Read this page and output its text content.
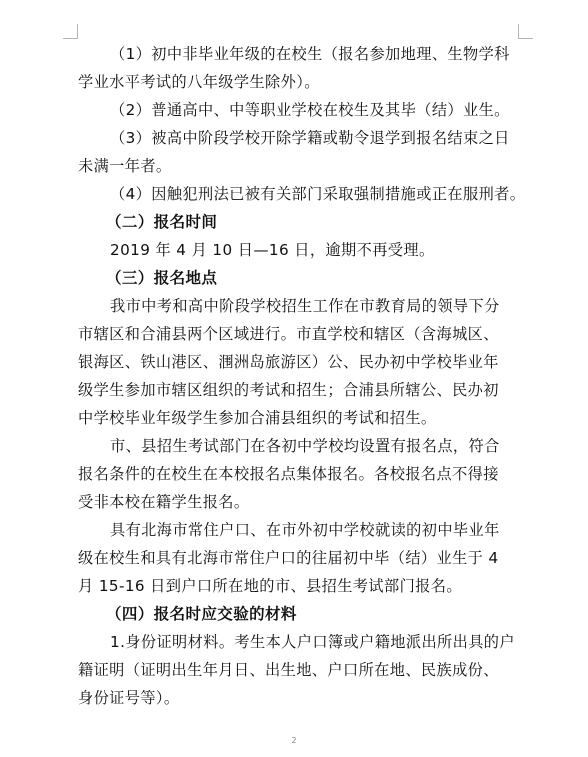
（1）初中非毕业年级的在校生（报名参加地理、生物学科
学业水平考试的八年级学生除外）。
（2）普通高中、中等职业学校在校生及其毕（结）业生。
（3）被高中阶段学校开除学籍或勒令退学到报名结束之日
未满一年者。
（4）因触犯刑法已被有关部门采取强制措施或正在服刑者。
（二）报名时间
2019 年 4 月 10 日—16 日，逾期不再受理。
（三）报名地点
我市中考和高中阶段学校招生工作在市教育局的领导下分
市辖区和合浦县两个区域进行。市直学校和辖区（含海城区、
银海区、铁山港区、涠洲岛旅游区）公、民办初中学校毕业年
级学生参加市辖区组织的考试和招生；合浦县所辖公、民办初
中学校毕业年级学生参加合浦县组织的考试和招生。
市、县招生考试部门在各初中学校均设置有报名点，符合
报名条件的在校生在本校报名点集体报名。各校报名点不得接
受非本校在籍学生报名。
具有北海市常住户口、在市外初中学校就读的初中毕业年
级在校生和具有北海市常住户口的往届初中毕（结）业生于 4
月 15-16 日到户口所在地的市、县招生考试部门报名。
（四）报名时应交验的材料
1.身份证明材料。考生本人户口簿或户籍地派出所出具的户
籍证明（证明出生年月日、出生地、户口所在地、民族成份、
身份证号等）。
2
